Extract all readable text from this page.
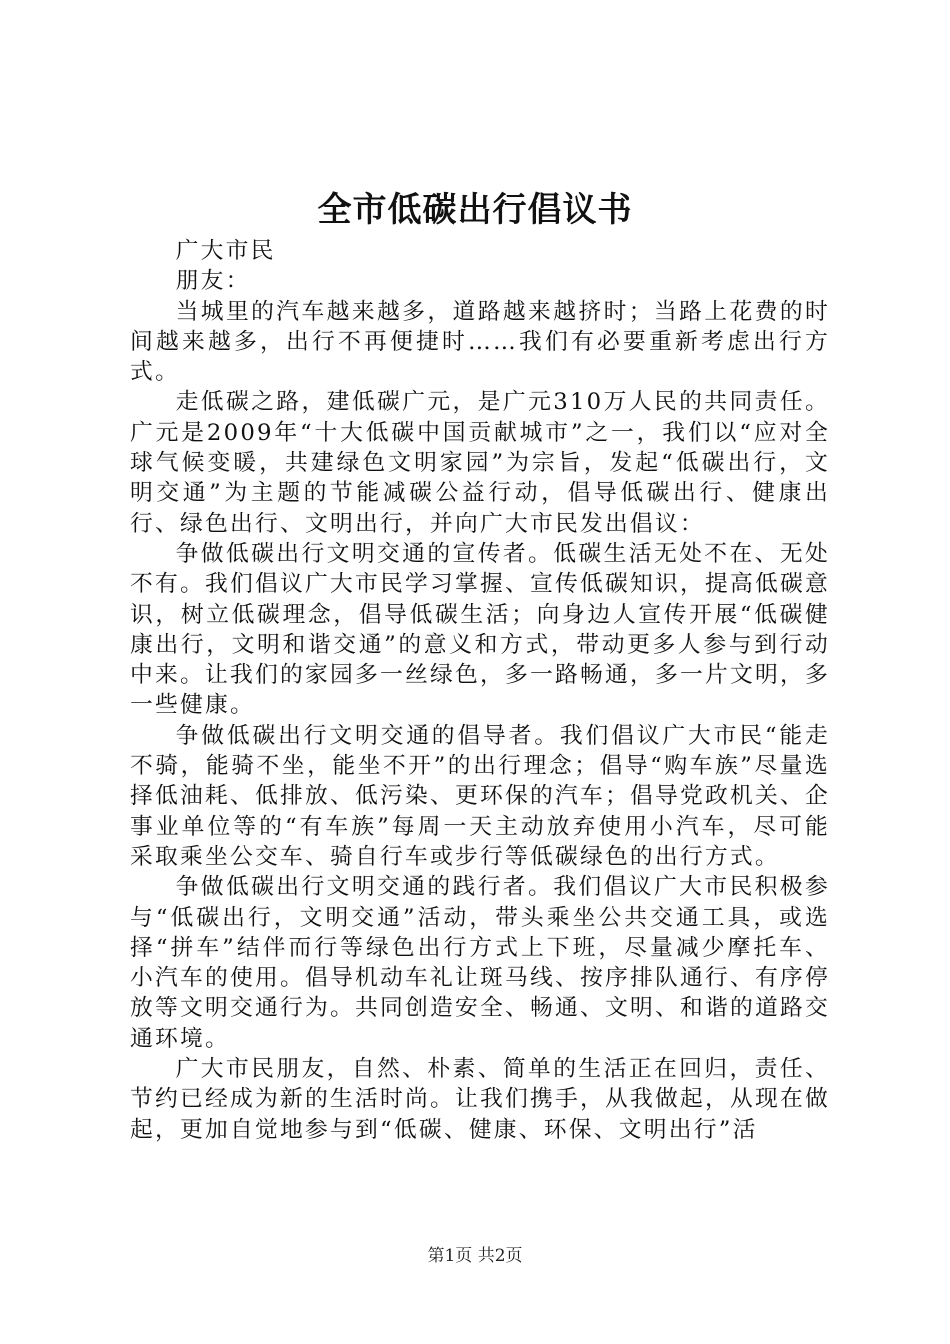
全市低碳出行倡议书

广大市民

朋友：

当城里的汽车越来越多，道路越来越挤时；当路上花费的时间越来越多，出行不再便捷时……我们有必要重新考虑出行方式。

走低碳之路，建低碳广元，是广元310万人民的共同责任。广元是2009年“十大低碳中国贡献城市”之一，我们以“应对全球气候变暖，共建绿色文明家园”为宗旨，发起“低碳出行，文明交通”为主题的节能减碳公益行动，倡导低碳出行、健康出行、绿色出行、文明出行，并向广大市民发出倡议：

争做低碳出行文明交通的宣传者。低碳生活无处不在、无处不有。我们倡议广大市民学习掌握、宣传低碳知识，提高低碳意识，树立低碳理念，倡导低碳生活；向身边人宣传开展“低碳健康出行，文明和谐交通”的意义和方式，带动更多人参与到行动中来。让我们的家园多一丝绿色，多一路畅通，多一片文明，多一些健康。

争做低碳出行文明交通的倡导者。我们倡议广大市民“能走不骑，能骑不坐，能坐不开”的出行理念；倡导“购车族”尽量选择低油耗、低排放、低污染、更环保的汽车；倡导党政机关、企事业单位等的“有车族”每周一天主动放弃使用小汽车，尽可能采取乘坐公交车、骑自行车或步行等低碳绿色的出行方式。

争做低碳出行文明交通的践行者。我们倡议广大市民积极参与“低碳出行，文明交通”活动，带头乘坐公共交通工具，或选择“拼车”结伴而行等绿色出行方式上下班，尽量减少摩托车、小汽车的使用。倡导机动车礼让斑马线、按序排队通行、有序停放等文明交通行为。共同创造安全、畅通、文明、和谐的道路交通环境。

广大市民朋友，自然、朴素、简单的生活正在回归，责任、节约已经成为新的生活时尚。让我们携手，从我做起，从现在做起，更加自觉地参与到“低碳、健康、环保、文明出行”活

第1页 共2页
